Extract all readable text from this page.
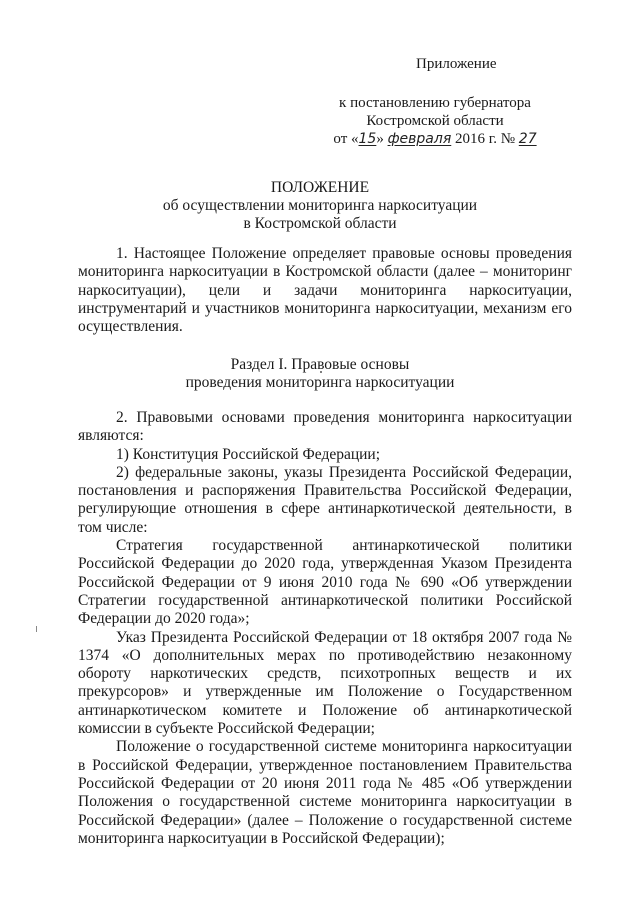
Приложение
к постановлению губернатора
Костромской области
от «15» февраля 2016 г. № 27
ПОЛОЖЕНИЕ
об осуществлении мониторинга наркоситуации
в Костромской области

1. Настоящее Положение определяет правовые основы проведения мониторинга наркоситуации в Костромской области (далее – мониторинг наркоситуации), цели и задачи мониторинга наркоситуации, инструментарий и участников мониторинга наркоситуации, механизм его осуществления.

Раздел I. Правовые основы
проведения мониторинга наркоситуации

2. Правовыми основами проведения мониторинга наркоситуации являются:

1) Конституция Российской Федерации;

2) федеральные законы, указы Президента Российской Федерации, постановления и распоряжения Правительства Российской Федерации, регулирующие отношения в сфере антинаркотической деятельности, в том числе:

Стратегия государственной антинаркотической политики Российской Федерации до 2020 года, утвержденная Указом Президента Российской Федерации от 9 июня 2010 года № 690 «Об утверждении Стратегии государственной антинаркотической политики Российской Федерации до 2020 года»;

Указ Президента Российской Федерации от 18 октября 2007 года № 1374 «О дополнительных мерах по противодействию незаконному обороту наркотических средств, психотропных веществ и их прекурсоров» и утвержденные им Положение о Государственном антинаркотическом комитете и Положение об антинаркотической комиссии в субъекте Российской Федерации;

Положение о государственной системе мониторинга наркоситуации в Российской Федерации, утвержденное постановлением Правительства Российской Федерации от 20 июня 2011 года № 485 «Об утверждении Положения о государственной системе мониторинга наркоситуации в Российской Федерации» (далее – Положение о государственной системе мониторинга наркоситуации в Российской Федерации);
